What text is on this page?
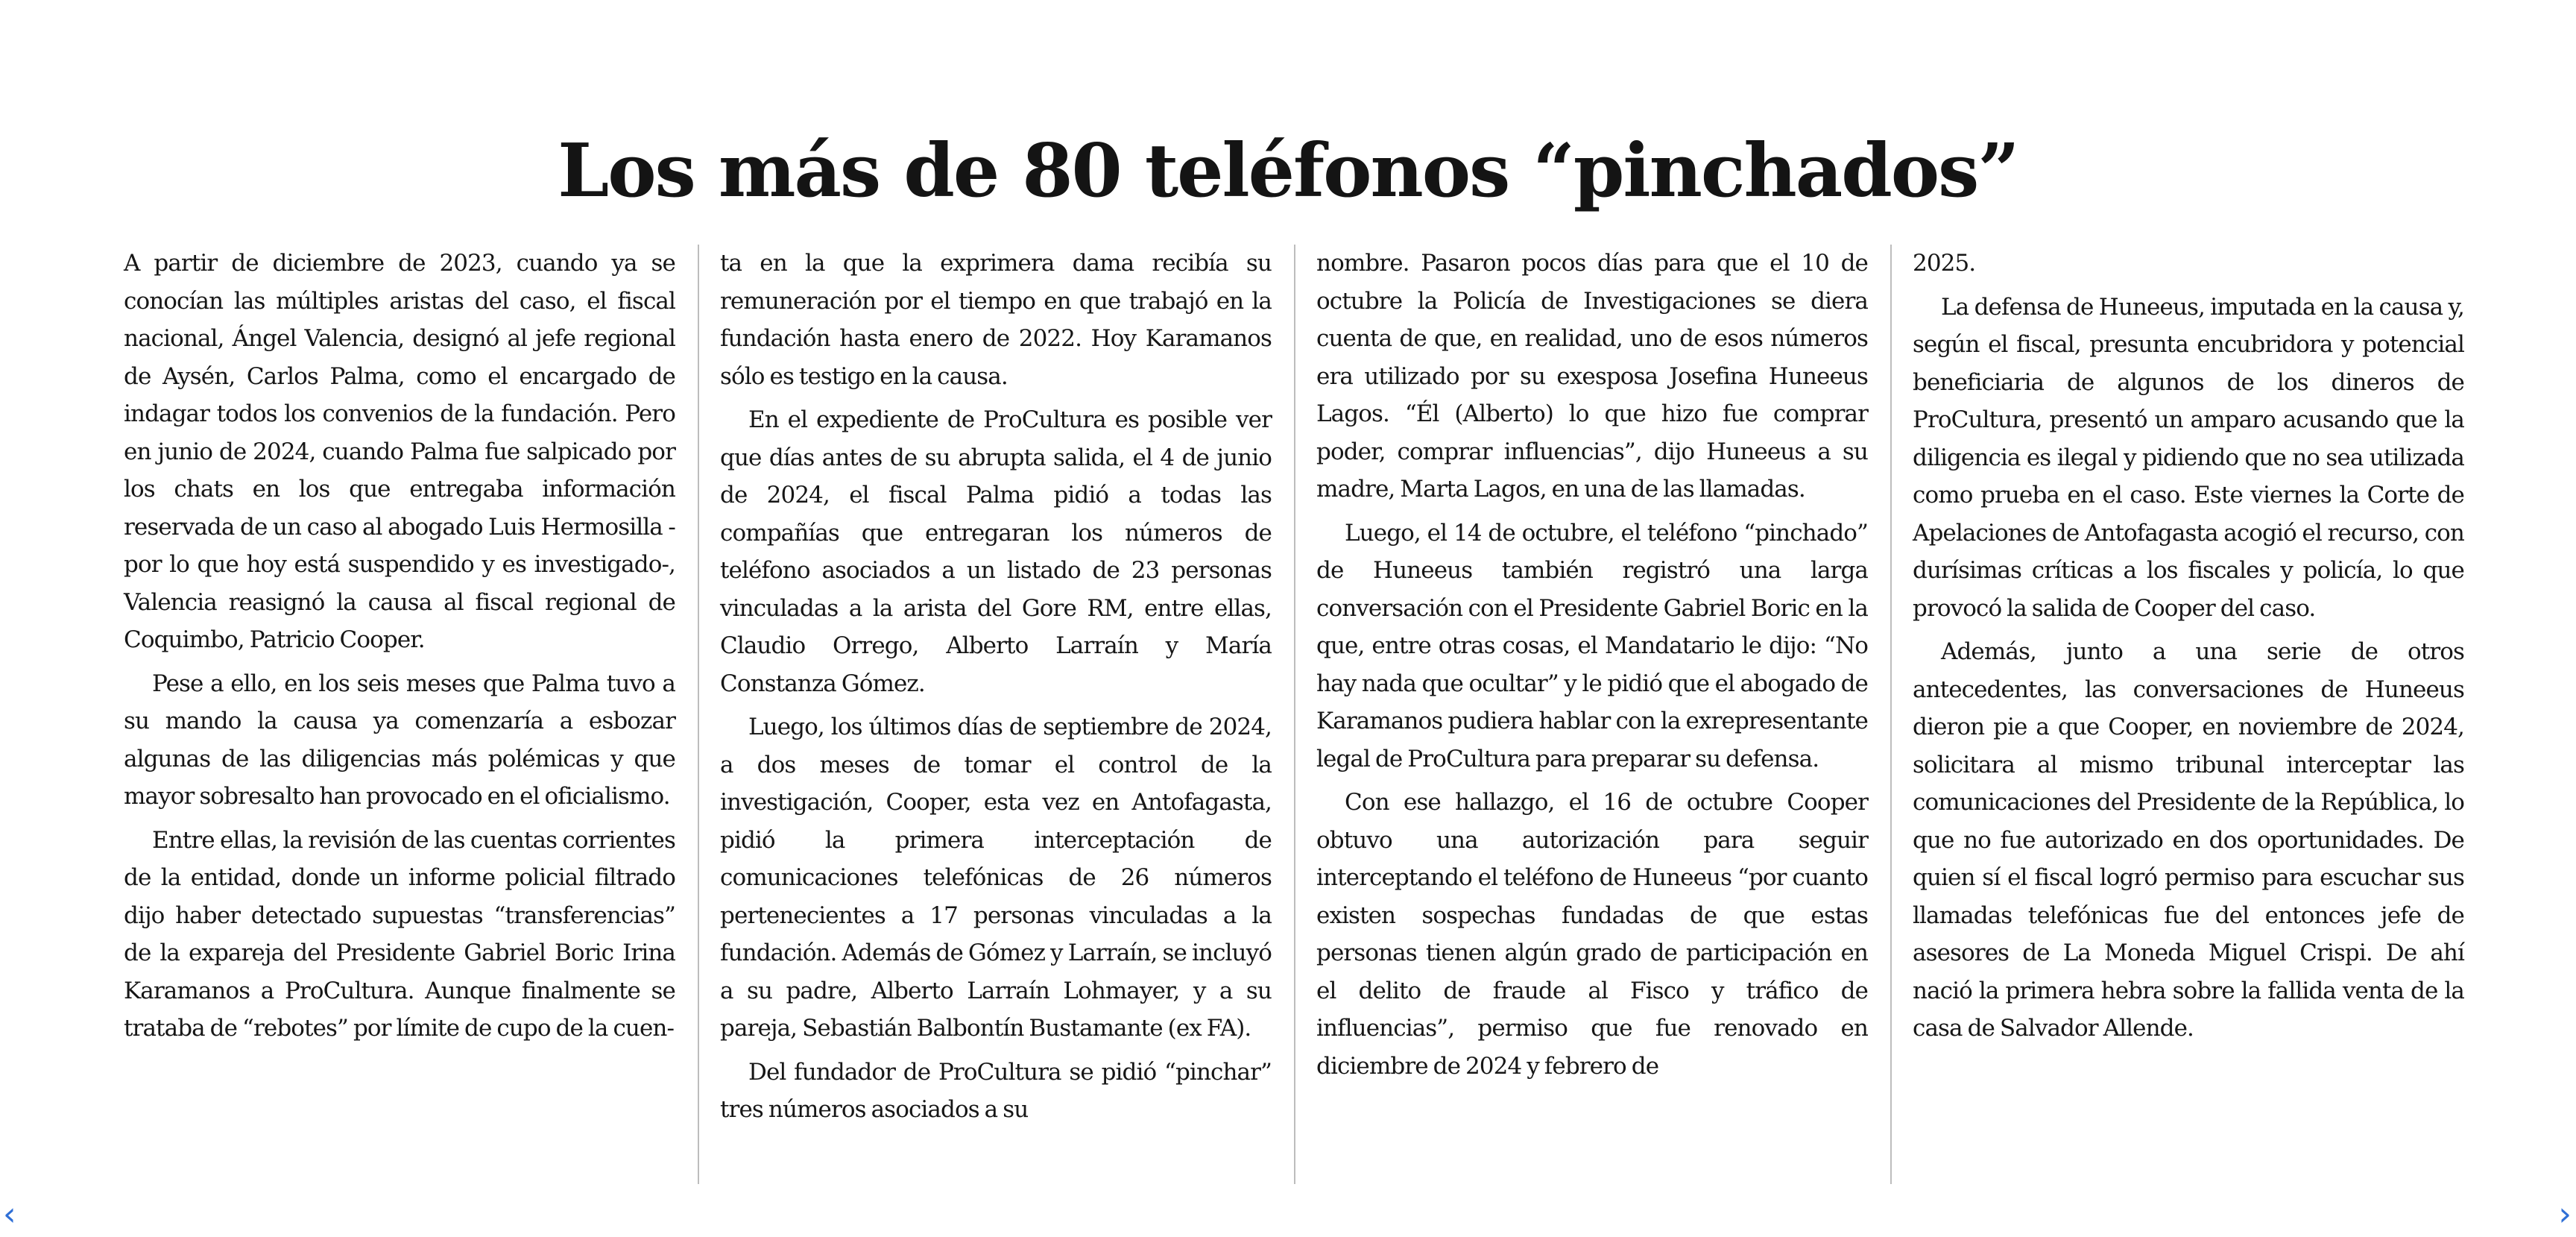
Los más de 80 teléfonos “pinchados”

A partir de diciembre de 2023, cuando ya se conocían las múltiples aristas del caso, el fiscal nacional, Ángel Valencia, designó al jefe regional de Aysén, Carlos Palma, como el encargado de indagar todos los convenios de la fundación. Pero en junio de 2024, cuando Palma fue salpicado por los chats en los que entregaba información reservada de un caso al abogado Luis Hermosilla -por lo que hoy está suspendido y es investigado-, Valencia reasignó la causa al fiscal regional de Coquimbo, Patricio Cooper.

Pese a ello, en los seis meses que Palma tuvo a su mando la causa ya comenzaría a esbozar algunas de las diligencias más polémicas y que mayor sobresalto han provocado en el oficialismo.

Entre ellas, la revisión de las cuentas corrientes de la entidad, donde un informe policial filtrado dijo haber detectado supuestas “transferencias” de la expareja del Presidente Gabriel Boric Irina Karamanos a ProCultura. Aunque finalmente se trataba de “rebotes” por límite de cupo de la cuen-

ta en la que la exprimera dama recibía su remuneración por el tiempo en que trabajó en la fundación hasta enero de 2022. Hoy Karamanos sólo es testigo en la causa.

En el expediente de ProCultura es posible ver que días antes de su abrupta salida, el 4 de junio de 2024, el fiscal Palma pidió a todas las compañías que entregaran los números de teléfono asociados a un listado de 23 personas vinculadas a la arista del Gore RM, entre ellas, Claudio Orrego, Alberto Larraín y María Constanza Gómez.

Luego, los últimos días de septiembre de 2024, a dos meses de tomar el control de la investigación, Cooper, esta vez en Antofagasta, pidió la primera interceptación de comunicaciones telefónicas de 26 números pertenecientes a 17 personas vinculadas a la fundación. Además de Gómez y Larraín, se incluyó a su padre, Alberto Larraín Lohmayer, y a su pareja, Sebastián Balbontín Bustamante (ex FA).

Del fundador de ProCultura se pidió “pinchar” tres números asociados a su

nombre. Pasaron pocos días para que el 10 de octubre la Policía de Investigaciones se diera cuenta de que, en realidad, uno de esos números era utilizado por su exesposa Josefina Huneeus Lagos. “Él (Alberto) lo que hizo fue comprar poder, comprar influencias”, dijo Huneeus a su madre, Marta Lagos, en una de las llamadas.

Luego, el 14 de octubre, el teléfono “pinchado” de Huneeus también registró una larga conversación con el Presidente Gabriel Boric en la que, entre otras cosas, el Mandatario le dijo: “No hay nada que ocultar” y le pidió que el abogado de Karamanos pudiera hablar con la exrepresentante legal de ProCultura para preparar su defensa.

Con ese hallazgo, el 16 de octubre Cooper obtuvo una autorización para seguir interceptando el teléfono de Huneeus “por cuanto existen sospechas fundadas de que estas personas tienen algún grado de participación en el delito de fraude al Fisco y tráfico de influencias”, permiso que fue renovado en diciembre de 2024 y febrero de

2025.

La defensa de Huneeus, imputada en la causa y, según el fiscal, presunta encubridora y potencial beneficiaria de algunos de los dineros de ProCultura, presentó un amparo acusando que la diligencia es ilegal y pidiendo que no sea utilizada como prueba en el caso. Este viernes la Corte de Apelaciones de Antofagasta acogió el recurso, con durísimas críticas a los fiscales y policía, lo que provocó la salida de Cooper del caso.

Además, junto a una serie de otros antecedentes, las conversaciones de Huneeus dieron pie a que Cooper, en noviembre de 2024, solicitara al mismo tribunal interceptar las comunicaciones del Presidente de la República, lo que no fue autorizado en dos oportunidades. De quien sí el fiscal logró permiso para escuchar sus llamadas telefónicas fue del entonces jefe de asesores de La Moneda Miguel Crispi. De ahí nació la primera hebra sobre la fallida venta de la casa de Salvador Allende.

‹	›
